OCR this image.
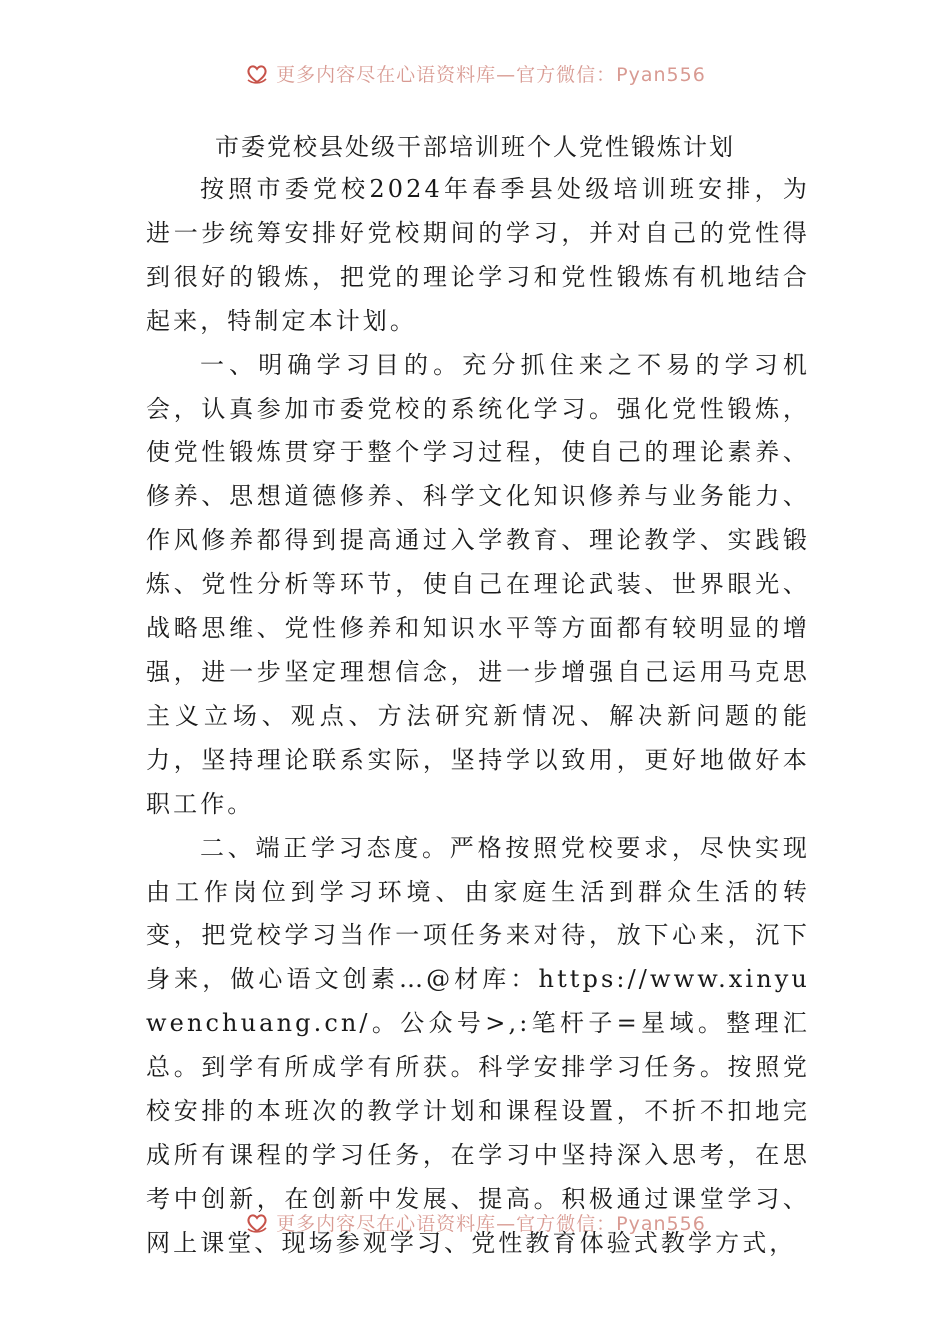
更多内容尽在心语资料库—官方微信：Pyan556
市委党校县处级干部培训班个人党性锻炼计划

按照市委党校2024年春季县处级培训班安排，为进一步统筹安排好党校期间的学习，并对自己的党性得到很好的锻炼，把党的理论学习和党性锻炼有机地结合起来，特制定本计划。

一、明确学习目的。充分抓住来之不易的学习机会，认真参加市委党校的系统化学习。强化党性锻炼，使党性锻炼贯穿于整个学习过程，使自己的理论素养、修养、思想道德修养、科学文化知识修养与业务能力、作风修养都得到提高通过入学教育、理论教学、实践锻炼、党性分析等环节，使自己在理论武装、世界眼光、战略思维、党性修养和知识水平等方面都有较明显的增强，进一步坚定理想信念，进一步增强自己运用马克思主义立场、观点、方法研究新情况、解决新问题的能力，坚持理论联系实际，坚持学以致用，更好地做好本职工作。

二、端正学习态度。严格按照党校要求，尽快实现由工作岗位到学习环境、由家庭生活到群众生活的转变，把党校学习当作一项任务来对待，放下心来，沉下身来，做心语文创素…@材库：https://www.xinyuwenchuang.cn/。公众号>,:笔杆子=星域。整理汇总。到学有所成学有所获。科学安排学习任务。按照党校安排的本班次的教学计划和课程设置，不折不扣地完成所有课程的学习任务，在学习中坚持深入思考，在思考中创新，在创新中发展、提高。积极通过课堂学习、网上课堂、现场参观学习、党性教育体验式教学方式，

更多内容尽在心语资料库—官方微信：Pyan556
